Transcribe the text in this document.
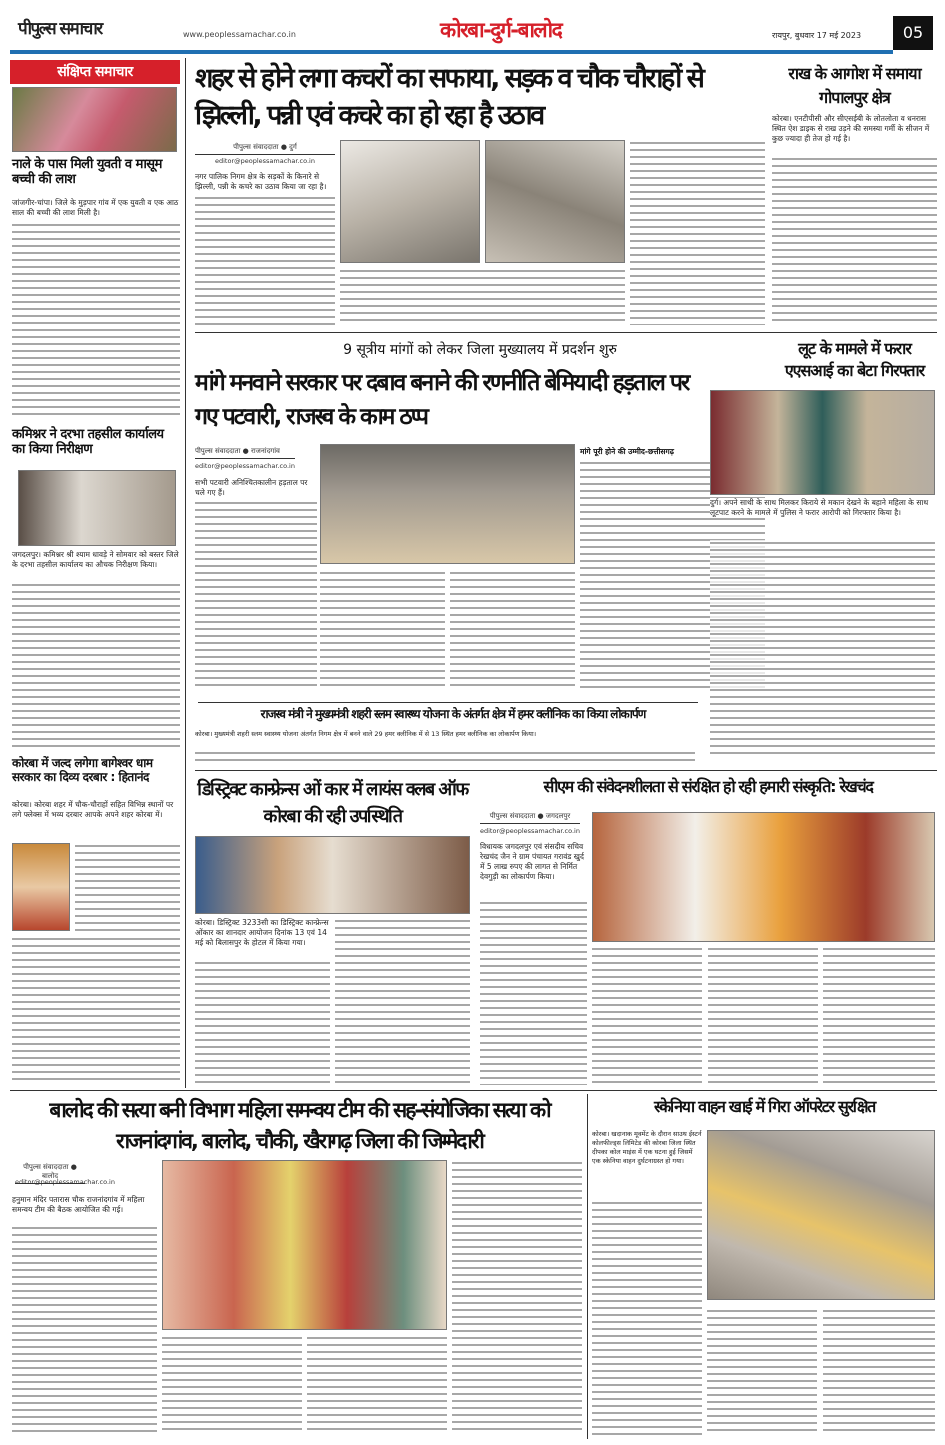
पीपुल्स समाचार	www.peoplessamachar.co.in	कोरबा-दुर्ग-बालोद	रायपुर, बुधवार 17 मई 2023	05
संक्षिप्त समाचार
नाले के पास मिली युवती व मासूम बच्ची की लाश
जांजगीर-चांपा। जिले के मुड़पार गांव में एक युवती व एक आठ साल की बच्ची की लाश मिली है।
कमिश्नर ने दरभा तहसील कार्यालय का किया निरीक्षण
जगदलपुर। कमिश्नर श्री श्याम धावड़े ने सोमवार को बस्तर जिले के दरभा तहसील कार्यालय का औचक निरीक्षण किया।
कोरबा में जल्द लगेगा बागेश्वर धाम सरकार का दिव्य दरबार : हितानंद
कोरबा। कोरबा शहर में चौक-चौराहों सहित विभिन्न स्थानों पर लगे फ्लेक्स में भव्य दरबार आपके अपने शहर कोरबा में।
शहर से होने लगा कचरों का सफाया, सड़क व चौक चौराहों से झिल्ली, पन्नी एवं कचरे का हो रहा है उठाव
पीपुल्स संवाददाता ● दुर्ग
editor@peoplessamachar.co.in
नगर पालिक निगम क्षेत्र के सड़कों के किनारे से झिल्ली, पन्नी के कचरे का उठाव किया जा रहा है।
राख के आगोश में समाया गोपालपुर क्षेत्र
कोरबा। एनटीपीसी और सीएसईबी के लोतलोता व धनरास स्थित ऐश डाइक से राख उड़ने की समस्या गर्मी के सीजन में कुछ ज्यादा ही तेज हो गई है।
9 सूत्रीय मांगों को लेकर जिला मुख्यालय में प्रदर्शन शुरु
मांगे मनवाने सरकार पर दबाव बनाने की रणनीति बेमियादी हड़ताल पर गए पटवारी, राजस्व के काम ठप्प
पीपुल्स संवाददाता ● राजनांदगांव
editor@peoplessamachar.co.in
सभी पटवारी अनिश्चितकालीन हड़ताल पर चले गए हैं।
मांगे पूरी होने की उम्मीद-छत्तीसगढ़
लूट के मामले में फरार एएसआई का बेटा गिरफ्तार
दुर्ग। अपने साथी के साथ मिलकर किराये से मकान देखने के बहाने महिला के साथ लूटपाट करने के मामले में पुलिस ने फरार आरोपी को गिरफ्तार किया है।
राजस्व मंत्री ने मुख्यमंत्री शहरी स्लम स्वास्थ्य योजना के अंतर्गत क्षेत्र में हमर क्लीनिक का किया लोकार्पण
कोरबा। मुख्यमंत्री शहरी स्लम स्वास्थ्य योजना अंतर्गत निगम क्षेत्र में बनने वाले 29 हमर क्लीनिक में से 13 स्थित हमर क्लीनिक का लोकार्पण किया।
डिस्ट्रिक्ट कान्फ्रेन्स ओं कार में लायंस क्लब ऑफ कोरबा की रही उपस्थिति
कोरबा। डिस्ट्रिक्ट 3233सी का डिस्ट्रिक्ट कान्फ्रेन्स ओंकार का शानदार आयोजन दिनांक 13 एवं 14 मई को बिलासपुर के होटल में किया गया।
सीएम की संवेदनशीलता से संरक्षित हो रही हमारी संस्कृति: रेखचंद
पीपुल्स संवाददाता ● जगदलपुर
editor@peoplessamachar.co.in
विधायक जगदलपुर एवं संसदीय सचिव रेखचंद जैन ने ग्राम पंचायत गरावंड खुर्द में 5 लाख रुपए की लागत से निर्मित देवगुड़ी का लोकार्पण किया।
बालोद की सत्या बनी विभाग महिला समन्वय टीम की सह-संयोजिका सत्या को राजनांदगांव, बालोद, चौकी, खैरागढ़ जिला की जिम्मेदारी
पीपुल्स संवाददाता ● बालोद
editor@peoplessamachar.co.in
हनुमान मंदिर पतारास चौक राजनांदगांव में महिला समन्वय टीम की बैठक आयोजित की गई।
स्केनिया वाहन खाई में गिरा ऑपरेटर सुरक्षित
कोरबा। खदानाक मूवमेंट के दौरान साउथ ईस्टर्न कोलफील्ड्स लिमिटेड की कोरबा जिला स्थित दीपका कोल माइंस में एक घटना हुई जिसमें एक स्केनिया वाहन दुर्घटनाग्रस्त हो गया।
